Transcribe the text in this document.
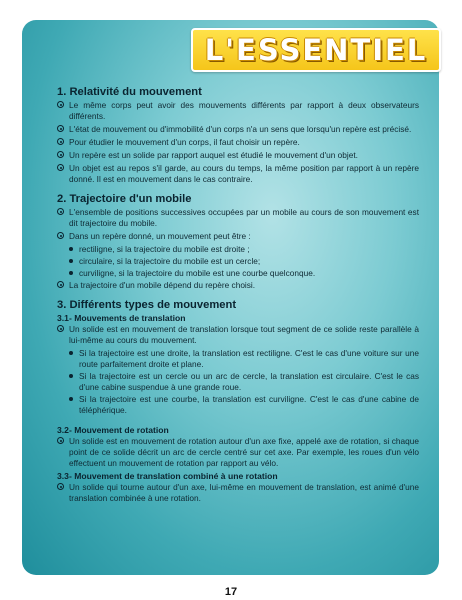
L'ESSENTIEL
1. Relativité du mouvement
Le même corps peut avoir des mouvements différents par rapport à deux observateurs différents.
L'état de mouvement ou d'immobilité d'un corps n'a un sens que lorsqu'un repère est précisé.
Pour étudier le mouvement d'un corps, il faut choisir un repère.
Un repère est un solide par rapport auquel est étudié le mouvement d'un objet.
Un objet est au repos s'il garde, au cours du temps, la même position par rapport à un repère donné. Il est en mouvement dans le cas contraire.
2. Trajectoire d'un mobile
L'ensemble de positions successives occupées par un mobile au cours de son mouvement est dit trajectoire du mobile.
Dans un repère donné, un mouvement peut être :
rectiligne, si la trajectoire du mobile est droite ;
circulaire, si la trajectoire du mobile est un cercle;
curviligne, si la trajectoire du mobile est une courbe quelconque.
La trajectoire d'un mobile dépend du repère choisi.
3. Différents types de mouvement
3.1- Mouvements de translation
Un solide est en mouvement de translation lorsque tout segment de ce solide reste parallèle à lui-même au cours du mouvement.
Si la trajectoire est une droite, la translation est rectiligne. C'est le cas d'une voiture sur une route parfaitement droite et plane.
Si la trajectoire est un cercle ou un arc de cercle, la translation est circulaire. C'est le cas d'une cabine suspendue à une grande roue.
Si la trajectoire est une courbe, la translation est curviligne. C'est le cas d'une cabine de téléphérique.
3.2- Mouvement de rotation
Un solide est en mouvement de rotation autour d'un axe fixe, appelé axe de rotation, si chaque point de ce solide décrit un arc de cercle centré sur cet axe. Par exemple, les roues d'un vélo effectuent un mouvement de rotation par rapport au vélo.
3.3- Mouvement de translation combiné à une rotation
Un solide qui tourne autour d'un axe, lui-même en mouvement de translation, est animé d'une translation combinée à une rotation.
17
